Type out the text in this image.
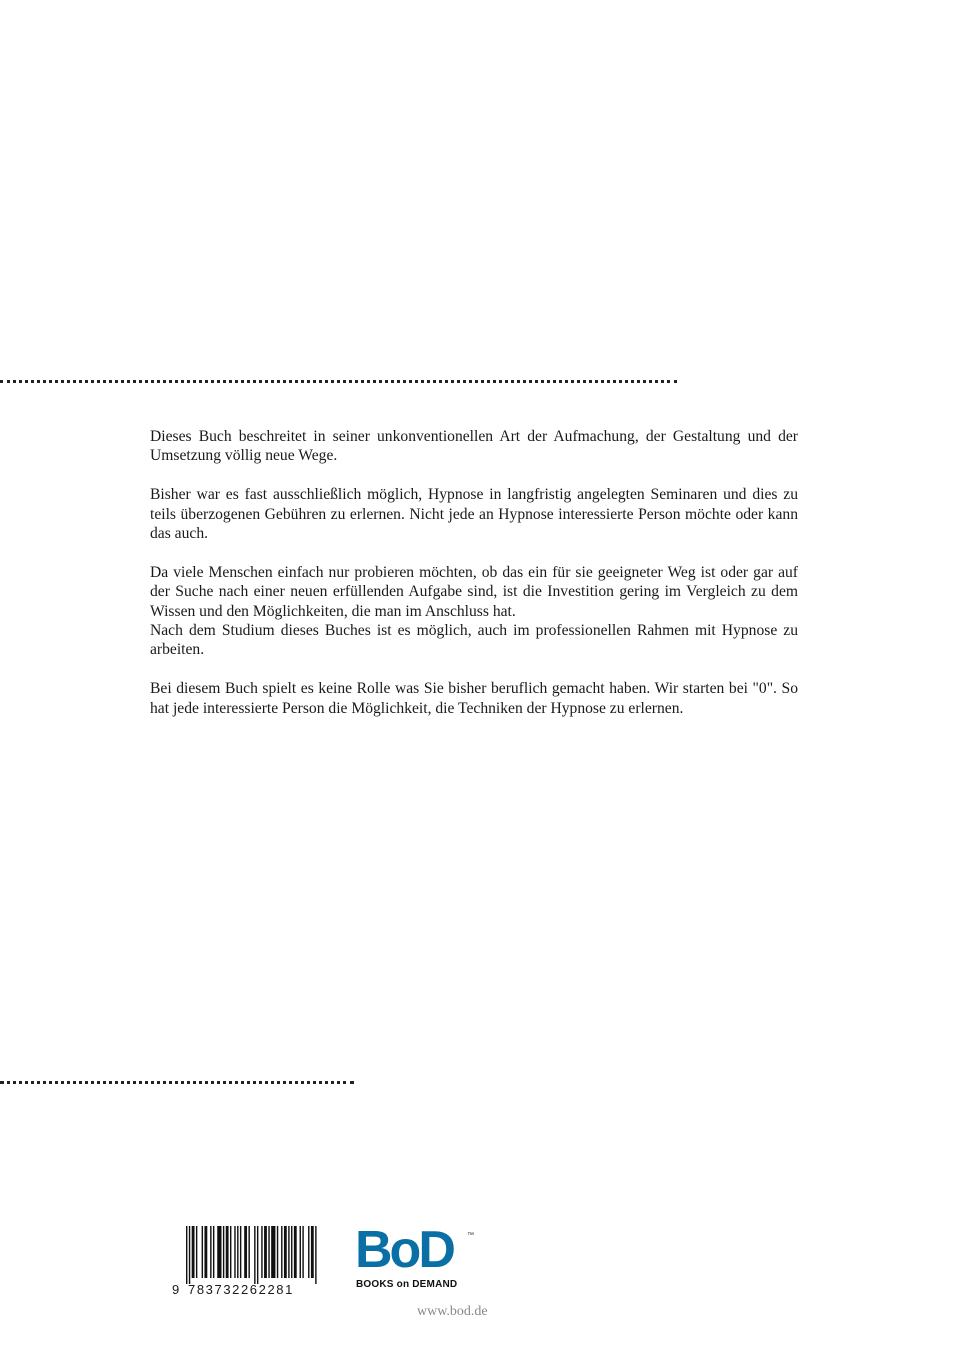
Dieses Buch beschreitet in seiner unkonventionellen Art der Aufmachung, der Gestaltung und der Umsetzung völlig neue Wege.

Bisher war es fast ausschließlich möglich, Hypnose in langfristig angelegten Seminaren und dies zu teils überzogenen Gebühren zu erlernen. Nicht jede an Hypnose interessierte Person möchte oder kann das auch.

Da viele Menschen einfach nur probieren möchten, ob das ein für sie geeigneter Weg ist oder gar auf der Suche nach einer neuen erfüllenden Aufgabe sind, ist die Investition gering im Vergleich zu dem Wissen und den Möglichkeiten, die man im Anschluss hat.

Nach dem Studium dieses Buches ist es möglich, auch im professionellen Rahmen mit Hypnose zu arbeiten.

Bei diesem Buch spielt es keine Rolle was Sie bisher beruflich gemacht haben. Wir starten bei "0". So hat jede interessierte Person die Möglichkeit, die Techniken der Hypnose zu erlernen.

9 783732262281
BoD ™
BOOKS on DEMAND
www.bod.de
